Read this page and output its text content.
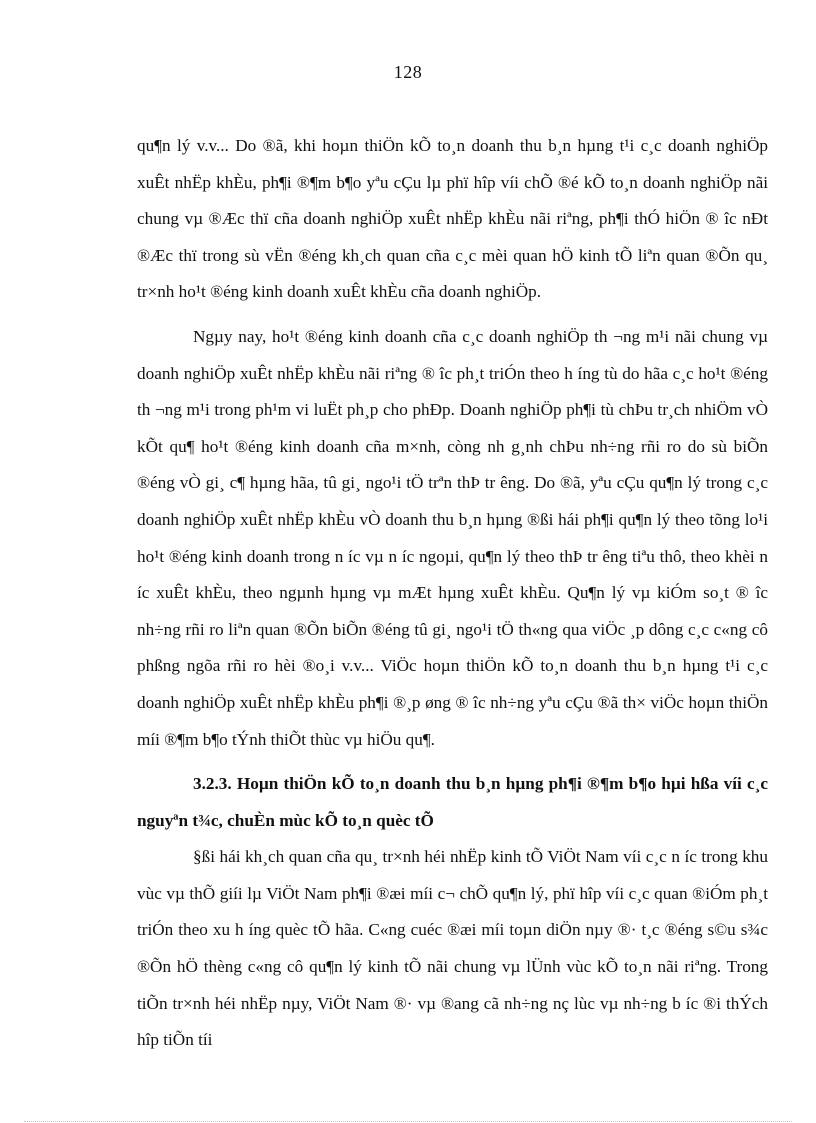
128

qu¶n lý v.v... Do ®ã, khi hoµn thiÖn kÕ to¸n doanh thu b¸n hµng t¹i c¸c doanh nghiÖp xuÊt nhËp khÈu, ph¶i ®¶m b¶o yªu cÇu lµ phï hîp víi chÕ ®é kÕ to¸n doanh nghiÖp nãi chung vµ ®Æc thï cña doanh nghiÖp xuÊt nhËp khÈu nãi riªng, ph¶i thÓ hiÖn ® îc nÐt ®Æc thï trong sù vËn ®éng kh¸ch quan cña c¸c mèi quan hÖ kinh tÕ liªn quan ®Õn qu¸ tr×nh ho¹t ®éng kinh doanh xuÊt khÈu cña doanh nghiÖp.

Ngµy nay, ho¹t ®éng kinh doanh cña c¸c doanh nghiÖp th ¬ng m¹i nãi chung vµ doanh nghiÖp xuÊt nhËp khÈu nãi riªng ® îc ph¸t triÓn theo h íng tù do hãa c¸c ho¹t ®éng th ¬ng m¹i trong ph¹m vi luËt ph¸p cho phÐp. Doanh nghiÖp ph¶i tù chÞu tr¸ch nhiÖm vÒ kÕt qu¶ ho¹t ®éng kinh doanh cña m×nh, còng nh g¸nh chÞu nh÷ng rñi ro do sù biÕn ®éng vÒ gi¸ c¶ hµng hãa, tû gi¸ ngo¹i tÖ trªn thÞ tr êng. Do ®ã, yªu cÇu qu¶n lý trong c¸c doanh nghiÖp xuÊt nhËp khÈu vÒ doanh thu b¸n hµng ®ßi hái ph¶i qu¶n lý theo tõng lo¹i ho¹t ®éng kinh doanh trong n íc vµ n íc ngoµi, qu¶n lý theo thÞ tr êng tiªu thô, theo khèi n íc xuÊt khÈu, theo ngµnh hµng vµ mÆt hµng xuÊt khÈu. Qu¶n lý vµ kiÓm so¸t ® îc nh÷ng rñi ro liªn quan ®Õn biÕn ®éng tû gi¸ ngo¹i tÖ th«ng qua viÖc ¸p dông c¸c c«ng cô phßng ngõa rñi ro hèi ®o¸i v.v... ViÖc hoµn thiÖn kÕ to¸n doanh thu b¸n hµng t¹i c¸c doanh nghiÖp xuÊt nhËp khÈu ph¶i ®¸p øng ® îc nh÷ng yªu cÇu ®ã th× viÖc hoµn thiÖn míi ®¶m b¶o tÝnh thiÕt thùc vµ hiÖu qu¶.

3.2.3. Hoµn thiÖn kÕ to¸n doanh thu b¸n hµng ph¶i ®¶m b¶o hµi hßa víi c¸c nguyªn t¾c, chuÈn mùc kÕ to¸n quèc tÕ

§ßi hái kh¸ch quan cña qu¸ tr×nh héi nhËp kinh tÕ ViÖt Nam víi c¸c n íc trong khu vùc vµ thÕ giíi lµ ViÖt Nam ph¶i ®æi míi c¬ chÕ qu¶n lý, phï hîp víi c¸c quan ®iÓm ph¸t triÓn theo xu h íng quèc tÕ hãa. C«ng cuéc ®æi míi toµn diÖn nµy ®· t¸c ®éng s©u s¾c ®Õn hÖ thèng c«ng cô qu¶n lý kinh tÕ nãi chung vµ lÜnh vùc kÕ to¸n nãi riªng. Trong tiÕn tr×nh héi nhËp nµy, ViÖt Nam ®· vµ ®ang cã nh÷ng nç lùc vµ nh÷ng b íc ®i thÝch hîp tiÕn tíi
